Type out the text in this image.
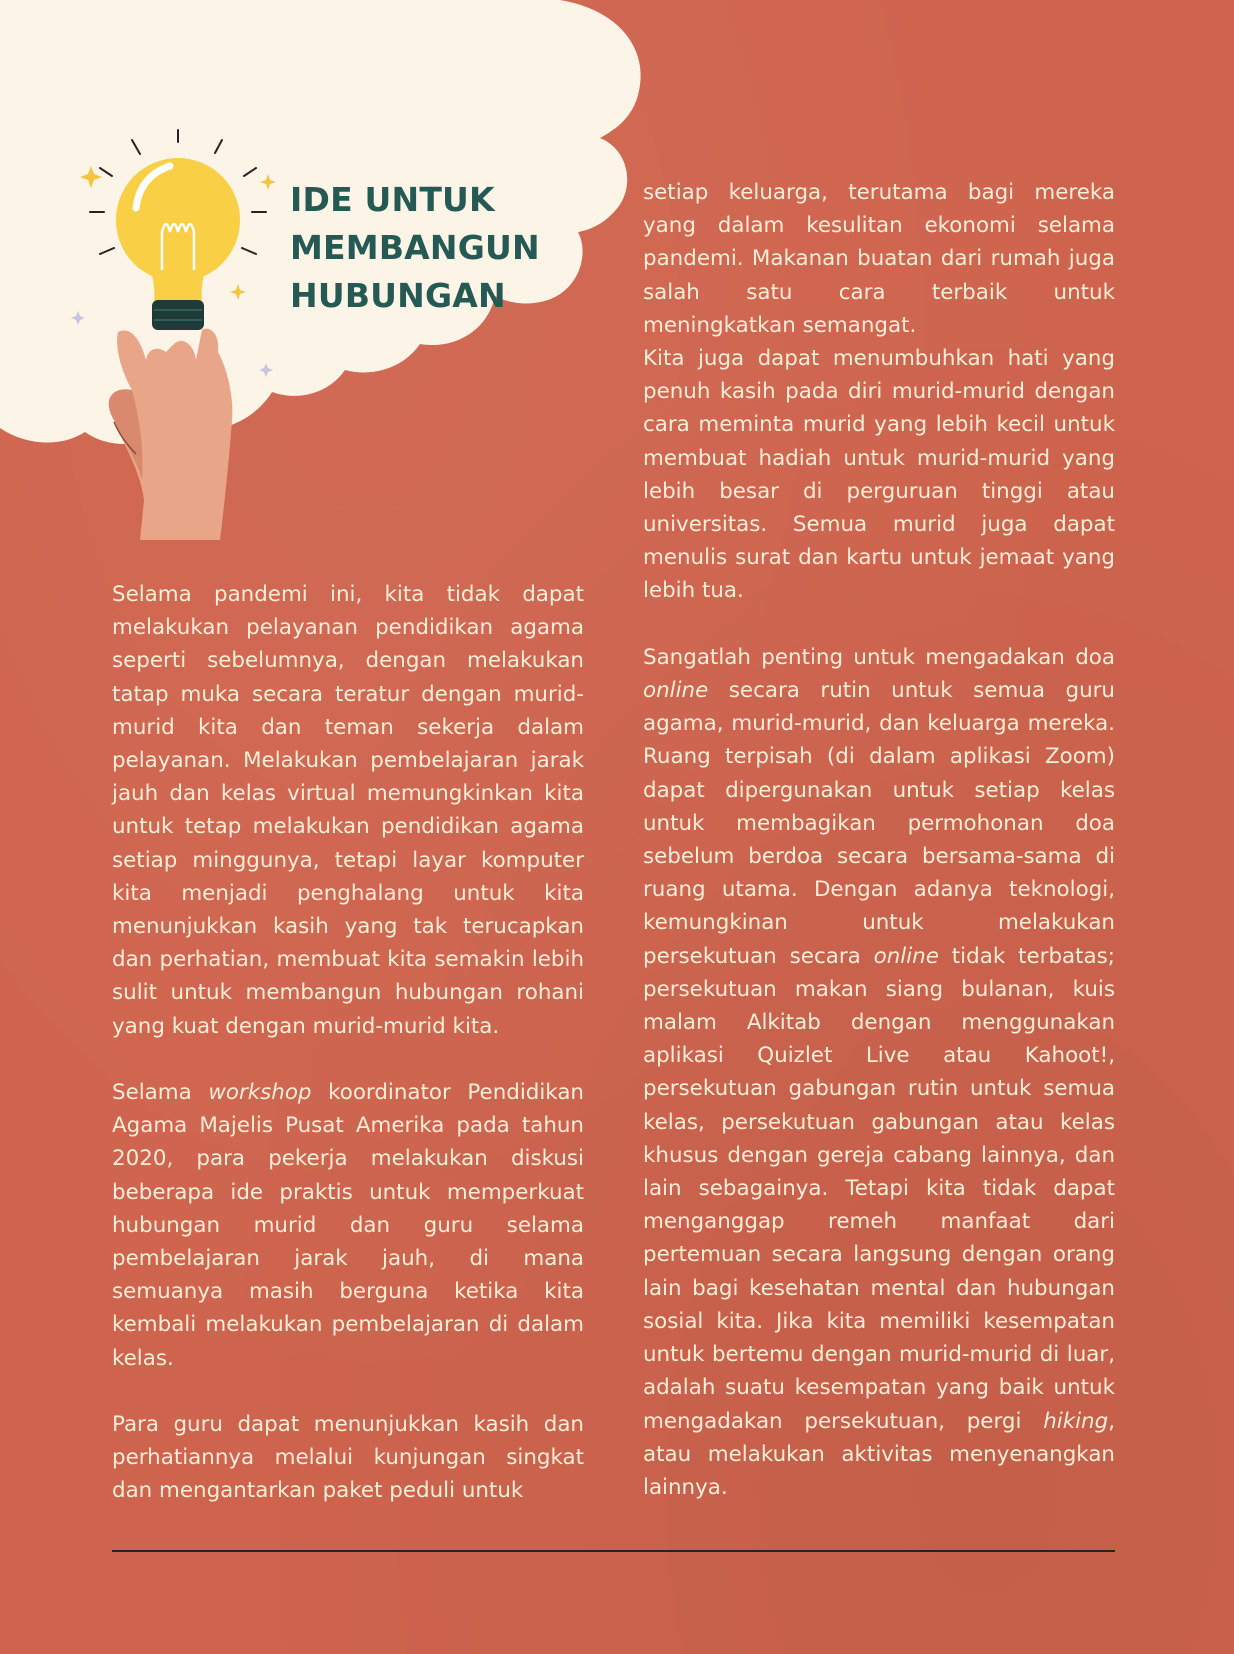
IDE UNTUK
MEMBANGUN
HUBUNGAN

Selama pandemi ini, kita tidak dapat melakukan pelayanan pendidikan agama seperti sebelumnya, dengan melakukan tatap muka secara teratur dengan murid-murid kita dan teman sekerja dalam pelayanan. Melakukan pembelajaran jarak jauh dan kelas virtual memungkinkan kita untuk tetap melakukan pendidikan agama setiap minggunya, tetapi layar komputer kita menjadi penghalang untuk kita menunjukkan kasih yang tak terucapkan dan perhatian, membuat kita semakin lebih sulit untuk membangun hubungan rohani yang kuat dengan murid-murid kita.

Selama workshop koordinator Pendidikan Agama Majelis Pusat Amerika pada tahun 2020, para pekerja melakukan diskusi beberapa ide praktis untuk memperkuat hubungan murid dan guru selama pembelajaran jarak jauh, di mana semuanya masih berguna ketika kita kembali melakukan pembelajaran di dalam kelas.

Para guru dapat menunjukkan kasih dan perhatiannya melalui kunjungan singkat dan mengantarkan paket peduli untuk

setiap keluarga, terutama bagi mereka yang dalam kesulitan ekonomi selama pandemi. Makanan buatan dari rumah juga salah satu cara terbaik untuk meningkatkan semangat.

Kita juga dapat menumbuhkan hati yang penuh kasih pada diri murid-murid dengan cara meminta murid yang lebih kecil untuk membuat hadiah untuk murid-murid yang lebih besar di perguruan tinggi atau universitas. Semua murid juga dapat menulis surat dan kartu untuk jemaat yang lebih tua.

Sangatlah penting untuk mengadakan doa online secara rutin untuk semua guru agama, murid-murid, dan keluarga mereka. Ruang terpisah (di dalam aplikasi Zoom) dapat dipergunakan untuk setiap kelas untuk membagikan permohonan doa sebelum berdoa secara bersama-sama di ruang utama. Dengan adanya teknologi, kemungkinan untuk melakukan persekutuan secara online tidak terbatas; persekutuan makan siang bulanan, kuis malam Alkitab dengan menggunakan aplikasi Quizlet Live atau Kahoot!, persekutuan gabungan rutin untuk semua kelas, persekutuan gabungan atau kelas khusus dengan gereja cabang lainnya, dan lain sebagainya. Tetapi kita tidak dapat menganggap remeh manfaat dari pertemuan secara langsung dengan orang lain bagi kesehatan mental dan hubungan sosial kita. Jika kita memiliki kesempatan untuk bertemu dengan murid-murid di luar, adalah suatu kesempatan yang baik untuk mengadakan persekutuan, pergi hiking, atau melakukan aktivitas menyenangkan lainnya.
